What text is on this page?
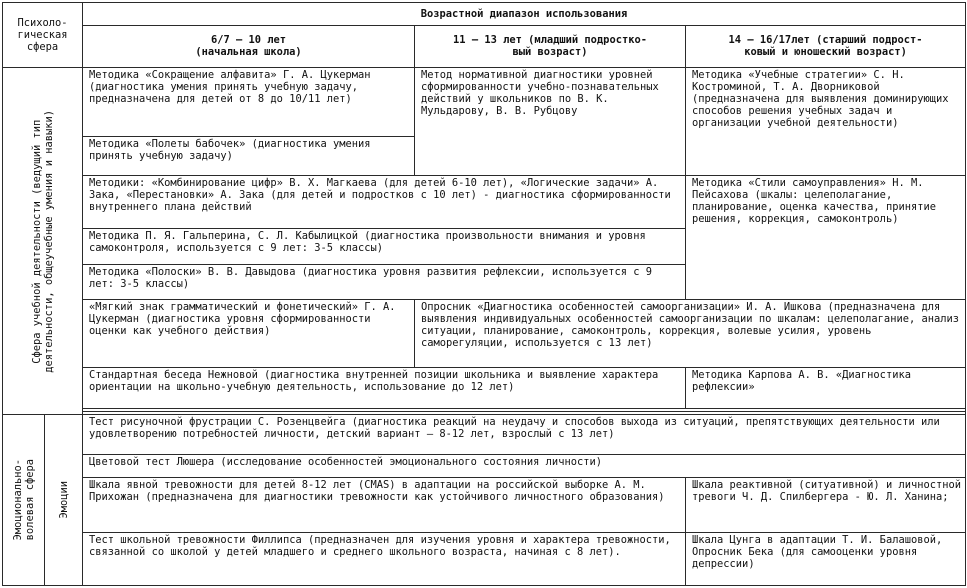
Психоло-
гическая
сфера		Возрастной диапазон использования		

		6/7 — 10 лет
(начальная школа)	11 — 13 лет (младший подростко-
вый возраст)	14 — 16/17лет (старший подрост-
ковый и юношеский возраст)

Сфера учебной деятельности (ведущий тип
деятельности, общеучебные умения и навыки)		Методика «Сокращение алфавита» Г. А. Цукерман (диагностика умения принять учебную задачу, предназначена для детей от 8 до 10/11 лет)	Метод нормативной диагностики уровней сформированности учебно-познавательных действий у школьников по В. К. Мульдарову, В. В. Рубцову	Методика «Учебные стратегии» С. Н. Костроминой, Т. А. Дворниковой (предназначена для выявления доминирующих способов решения учебных задач и организации учебной деятельности)
		Методика «Полеты бабочек» (диагностика умения принять учебную задачу)		
		Методики: «Комбинирование цифр» В. Х. Магкаева (для детей 6-10 лет), «Логические задачи» А. Зака, «Перестановки» А. Зака (для детей и подростков с 10 лет) - диагностика сформированности внутреннего плана действий		Методика «Стили самоуправления» Н. М. Пейсахова (шкалы: целеполагание, планирование, оценка качества, принятие решения, коррекция, самоконтроль)
		Методика П. Я. Гальперина, С. Л. Кабылицкой (диагностика произвольности внимания и уровня самоконтроля, используется с 9 лет: 3-5 классы)		
		Методика «Полоски» В. В. Давыдова (диагностика уровня развития рефлексии, используется с 9 лет: 3-5 классы)		
		«Мягкий знак грамматический и фонетический» Г. А. Цукерман (диагностика уровня сформированности оценки как учебного действия)	Опросник «Диагностика особенностей самоорганизации» И. А. Ишкова (предназначена для выявления индивидуальных особенностей самоорганизации по шкалам: целеполагание, анализ ситуации, планирование, самоконтроль, коррекция, волевые усилия, уровень саморегуляции, используется с 13 лет)	
		Стандартная беседа Нежновой (диагностика внутренней позиции школьника и выявление характера ориентации на школьно-учебную деятельность, использование до 12 лет)		Методика Карпова А. В. «Диагностика рефлексии»

Эмоционально-
волевая сфера	Эмоции	Тест рисуночной фрустрации С. Розенцвейга (диагностика реакций на неудачу и способов выхода из ситуаций, препятствующих деятельности или удовлетворению потребностей личности, детский вариант – 8-12 лет, взрослый с 13 лет)		
		Цветовой тест Люшера (исследование особенностей эмоционального состояния личности)		
		Шкала явной тревожности для детей 8-12 лет (CMAS) в адаптации на российской выборке А. М. Прихожан (предназначена для диагностики тревожности как устойчивого личностного образования)		Шкала реактивной (ситуативной) и личностной тревоги Ч. Д. Спилбергера - Ю. Л. Ханина;
		Тест школьной тревожности Филлипса (предназначен для изучения уровня и характера тревожности, связанной со школой у детей младшего и среднего школьного возраста, начиная с 8 лет).		Шкала Цунга в адаптации Т. И. Балашовой, Опросник Бека (для самооценки уровня депрессии)
